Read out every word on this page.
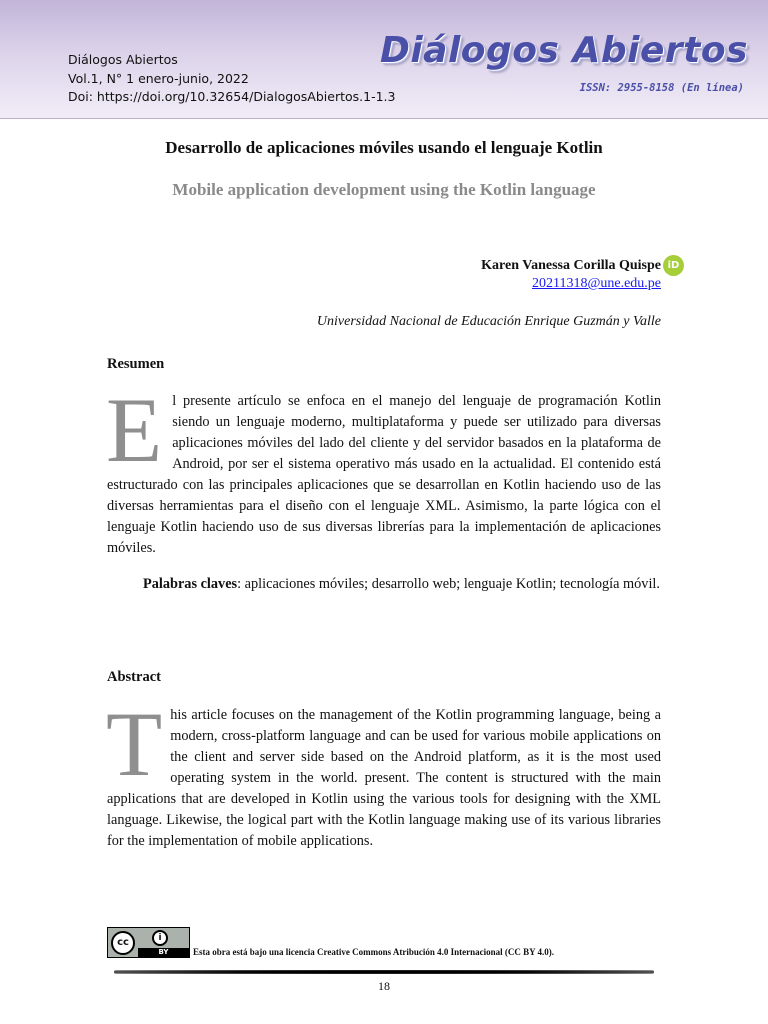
Diálogos Abiertos
Vol.1, N° 1 enero-junio, 2022
Doi: https://doi.org/10.32654/DialogosAbiertos.1-1.3
Diálogos Abiertos
ISSN: 2955-8158 (En línea)
Desarrollo de aplicaciones móviles usando el lenguaje Kotlin
Mobile application development using the Kotlin language
Karen Vanessa Corilla Quispe iD
20211318@une.edu.pe
Universidad Nacional de Educación Enrique Guzmán y Valle
Resumen
El presente artículo se enfoca en el manejo del lenguaje de programación Kotlin siendo un lenguaje moderno, multiplataforma y puede ser utilizado para diversas aplicaciones móviles del lado del cliente y del servidor basados en la plataforma de Android, por ser el sistema operativo más usado en la actualidad. El contenido está estructurado con las principales aplicaciones que se desarrollan en Kotlin haciendo uso de las diversas herramientas para el diseño con el lenguaje XML. Asimismo, la parte lógica con el lenguaje Kotlin haciendo uso de sus diversas librerías para la implementación de aplicaciones móviles.
Palabras claves: aplicaciones móviles; desarrollo web; lenguaje Kotlin; tecnología móvil.
Abstract
This article focuses on the management of the Kotlin programming language, being a modern, cross-platform language and can be used for various mobile applications on the client and server side based on the Android platform, as it is the most used operating system in the world. present. The content is structured with the main applications that are developed in Kotlin using the various tools for designing with the XML language. Likewise, the logical part with the Kotlin language making use of its various libraries for the implementation of mobile applications.
cc	i
BY	Esta obra está bajo una licencia Creative Commons Atribución 4.0 Internacional (CC BY 4.0).
18
